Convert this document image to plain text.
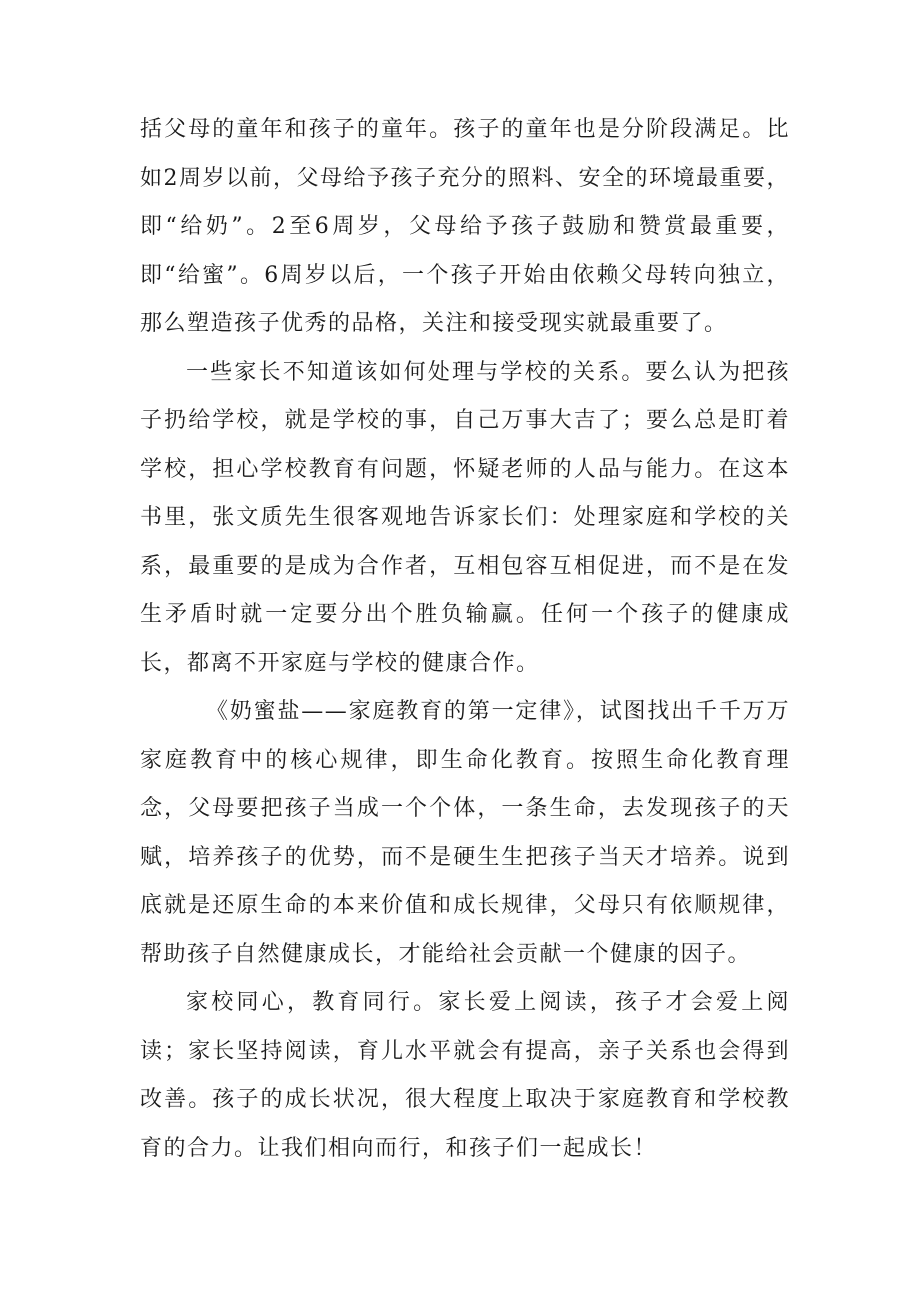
括父母的童年和孩子的童年。孩子的童年也是分阶段满足。比如2周岁以前，父母给予孩子充分的照料、安全的环境最重要，即“给奶”。2至6周岁，父母给予孩子鼓励和赞赏最重要，即“给蜜”。6周岁以后，一个孩子开始由依赖父母转向独立，那么塑造孩子优秀的品格，关注和接受现实就最重要了。

一些家长不知道该如何处理与学校的关系。要么认为把孩子扔给学校，就是学校的事，自己万事大吉了；要么总是盯着学校，担心学校教育有问题，怀疑老师的人品与能力。在这本书里，张文质先生很客观地告诉家长们：处理家庭和学校的关系，最重要的是成为合作者，互相包容互相促进，而不是在发生矛盾时就一定要分出个胜负输赢。任何一个孩子的健康成长，都离不开家庭与学校的健康合作。

《奶蜜盐——家庭教育的第一定律》，试图找出千千万万家庭教育中的核心规律，即生命化教育。按照生命化教育理念，父母要把孩子当成一个个体，一条生命，去发现孩子的天赋，培养孩子的优势，而不是硬生生把孩子当天才培养。说到底就是还原生命的本来价值和成长规律，父母只有依顺规律，帮助孩子自然健康成长，才能给社会贡献一个健康的因子。

家校同心，教育同行。家长爱上阅读，孩子才会爱上阅读；家长坚持阅读，育儿水平就会有提高，亲子关系也会得到改善。孩子的成长状况，很大程度上取决于家庭教育和学校教育的合力。让我们相向而行，和孩子们一起成长！
